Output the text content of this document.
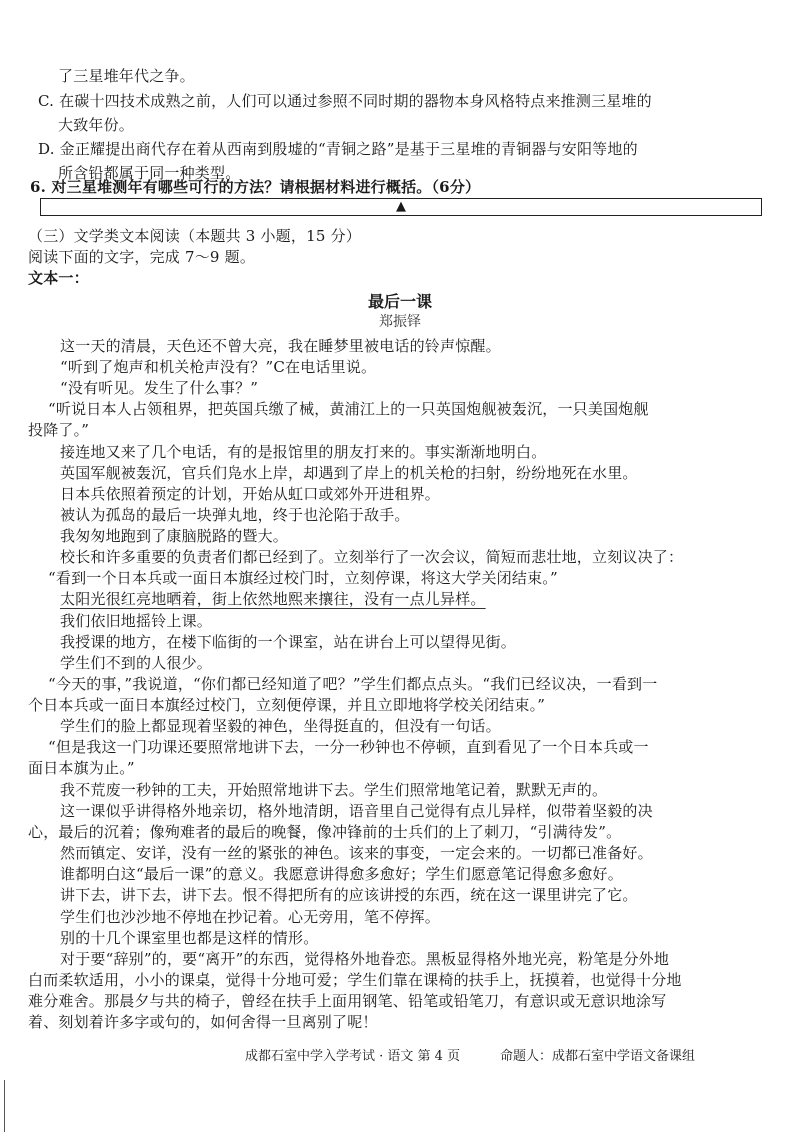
了三星堆年代之争。
C. 在碳十四技术成熟之前，人们可以通过参照不同时期的器物本身风格特点来推测三星堆的
大致年份。
D. 金正耀提出商代存在着从西南到殷墟的“青铜之路”是基于三星堆的青铜器与安阳等地的
所含铅都属于同一种类型。
6. 对三星堆测年有哪些可行的方法？请根据材料进行概括。（6分）
▲
（三）文学类文本阅读（本题共 3 小题，15 分）
阅读下面的文字，完成 7～9 题。
文本一：
最后一课
郑振铎
这一天的清晨，天色还不曾大亮，我在睡梦里被电话的铃声惊醒。
“听到了炮声和机关枪声没有？”C在电话里说。
“没有听见。发生了什么事？”
“听说日本人占领租界，把英国兵缴了械，黄浦江上的一只英国炮舰被轰沉，一只美国炮舰
投降了。”
接连地又来了几个电话，有的是报馆里的朋友打来的。事实渐渐地明白。
英国军舰被轰沉，官兵们凫水上岸，却遇到了岸上的机关枪的扫射，纷纷地死在水里。
日本兵依照着预定的计划，开始从虹口或郊外开进租界。
被认为孤岛的最后一块弹丸地，终于也沦陷于敌手。
我匆匆地跑到了康脑脱路的暨大。
校长和许多重要的负责者们都已经到了。立刻举行了一次会议，简短而悲壮地，立刻议决了：
“看到一个日本兵或一面日本旗经过校门时，立刻停课，将这大学关闭结束。”
太阳光很红亮地晒着，街上依然地熙来攘往，没有一点儿异样。
我们依旧地摇铃上课。
我授课的地方，在楼下临街的一个课室，站在讲台上可以望得见街。
学生们不到的人很少。
“今天的事，”我说道，“你们都已经知道了吧？”学生们都点点头。“我们已经议决，一看到一
个日本兵或一面日本旗经过校门，立刻便停课，并且立即地将学校关闭结束。”
学生们的脸上都显现着坚毅的神色，坐得挺直的，但没有一句话。
“但是我这一门功课还要照常地讲下去，一分一秒钟也不停顿，直到看见了一个日本兵或一
面日本旗为止。”
我不荒废一秒钟的工夫，开始照常地讲下去。学生们照常地笔记着，默默无声的。
这一课似乎讲得格外地亲切，格外地清朗，语音里自己觉得有点儿异样，似带着坚毅的决
心，最后的沉着；像殉难者的最后的晚餐，像冲锋前的士兵们的上了刺刀，“引满待发”。
然而镇定、安详，没有一丝的紧张的神色。该来的事变，一定会来的。一切都已准备好。
谁都明白这“最后一课”的意义。我愿意讲得愈多愈好；学生们愿意笔记得愈多愈好。
讲下去，讲下去，讲下去。恨不得把所有的应该讲授的东西，统在这一课里讲完了它。
学生们也沙沙地不停地在抄记着。心无旁用，笔不停挥。
别的十几个课室里也都是这样的情形。
对于要“辞别”的，要“离开”的东西，觉得格外地眷恋。黑板显得格外地光亮，粉笔是分外地
白而柔软适用，小小的课桌，觉得十分地可爱；学生们靠在课椅的扶手上，抚摸着，也觉得十分地
难分难舍。那晨夕与共的椅子，曾经在扶手上面用钢笔、铅笔或铅笔刀，有意识或无意识地涂写
着、刻划着许多字或句的，如何舍得一旦离别了呢！
成都石室中学入学考试 · 语文 第 4 页	命题人：成都石室中学语文备课组
